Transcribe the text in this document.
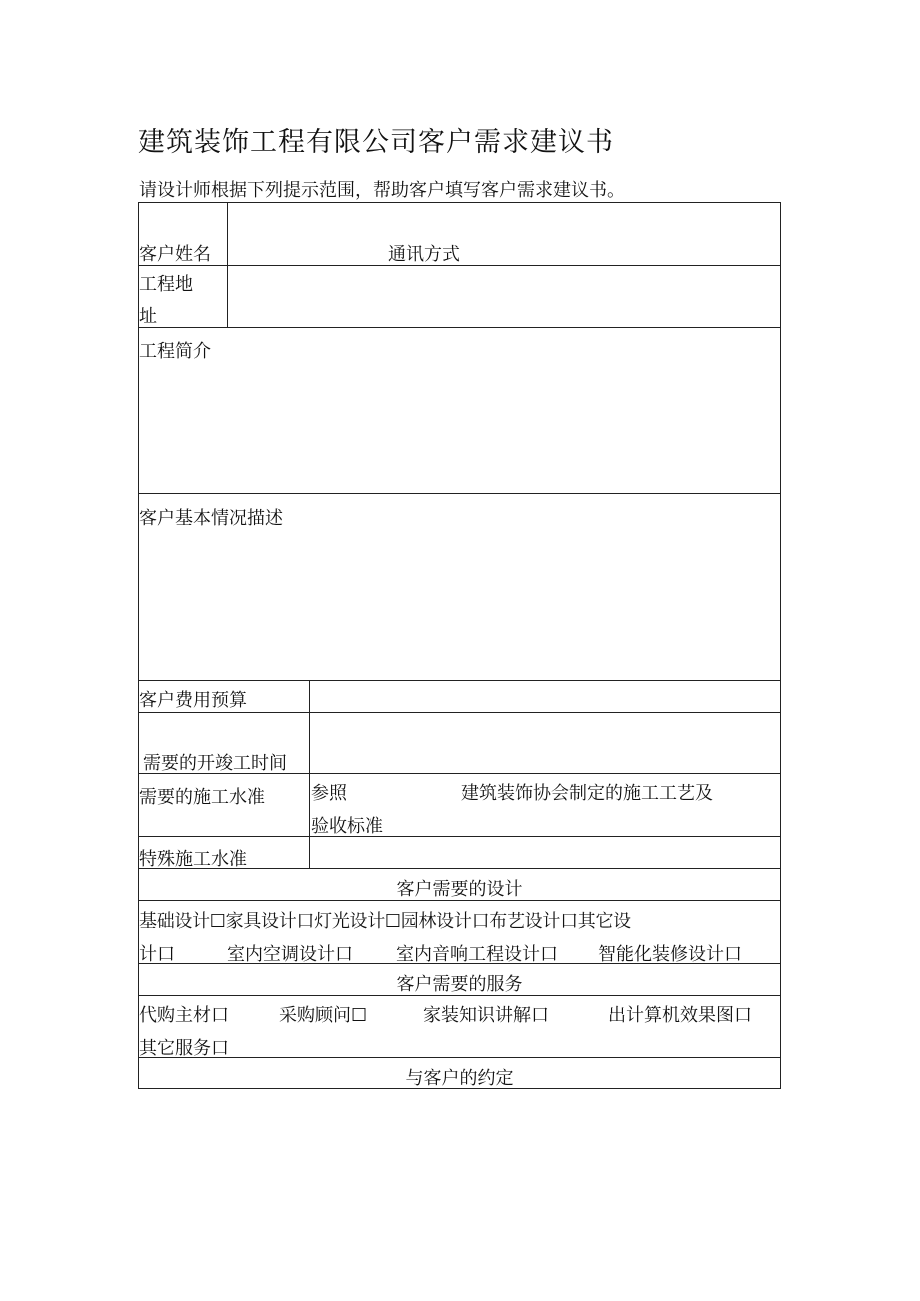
建筑装饰工程有限公司客户需求建议书
请设计师根据下列提示范围，帮助客户填写客户需求建议书。
客户姓名	通讯方式
工程地
址
工程简介
客户基本情况描述
客户费用预算
需要的开竣工时间
需要的施工水准	参照	建筑装饰协会制定的施工工艺及
验收标准
特殊施工水准
客户需要的设计
基础设计☐家具设计口灯光设计☐园林设计口布艺设计口其它设
计口	室内空调设计口 室内音响工程设计口 智能化装修设计口
客户需要的服务
代购主材口	采购顾问☐	家装知识讲解口	出计算机效果图口
其它服务口
与客户的约定
